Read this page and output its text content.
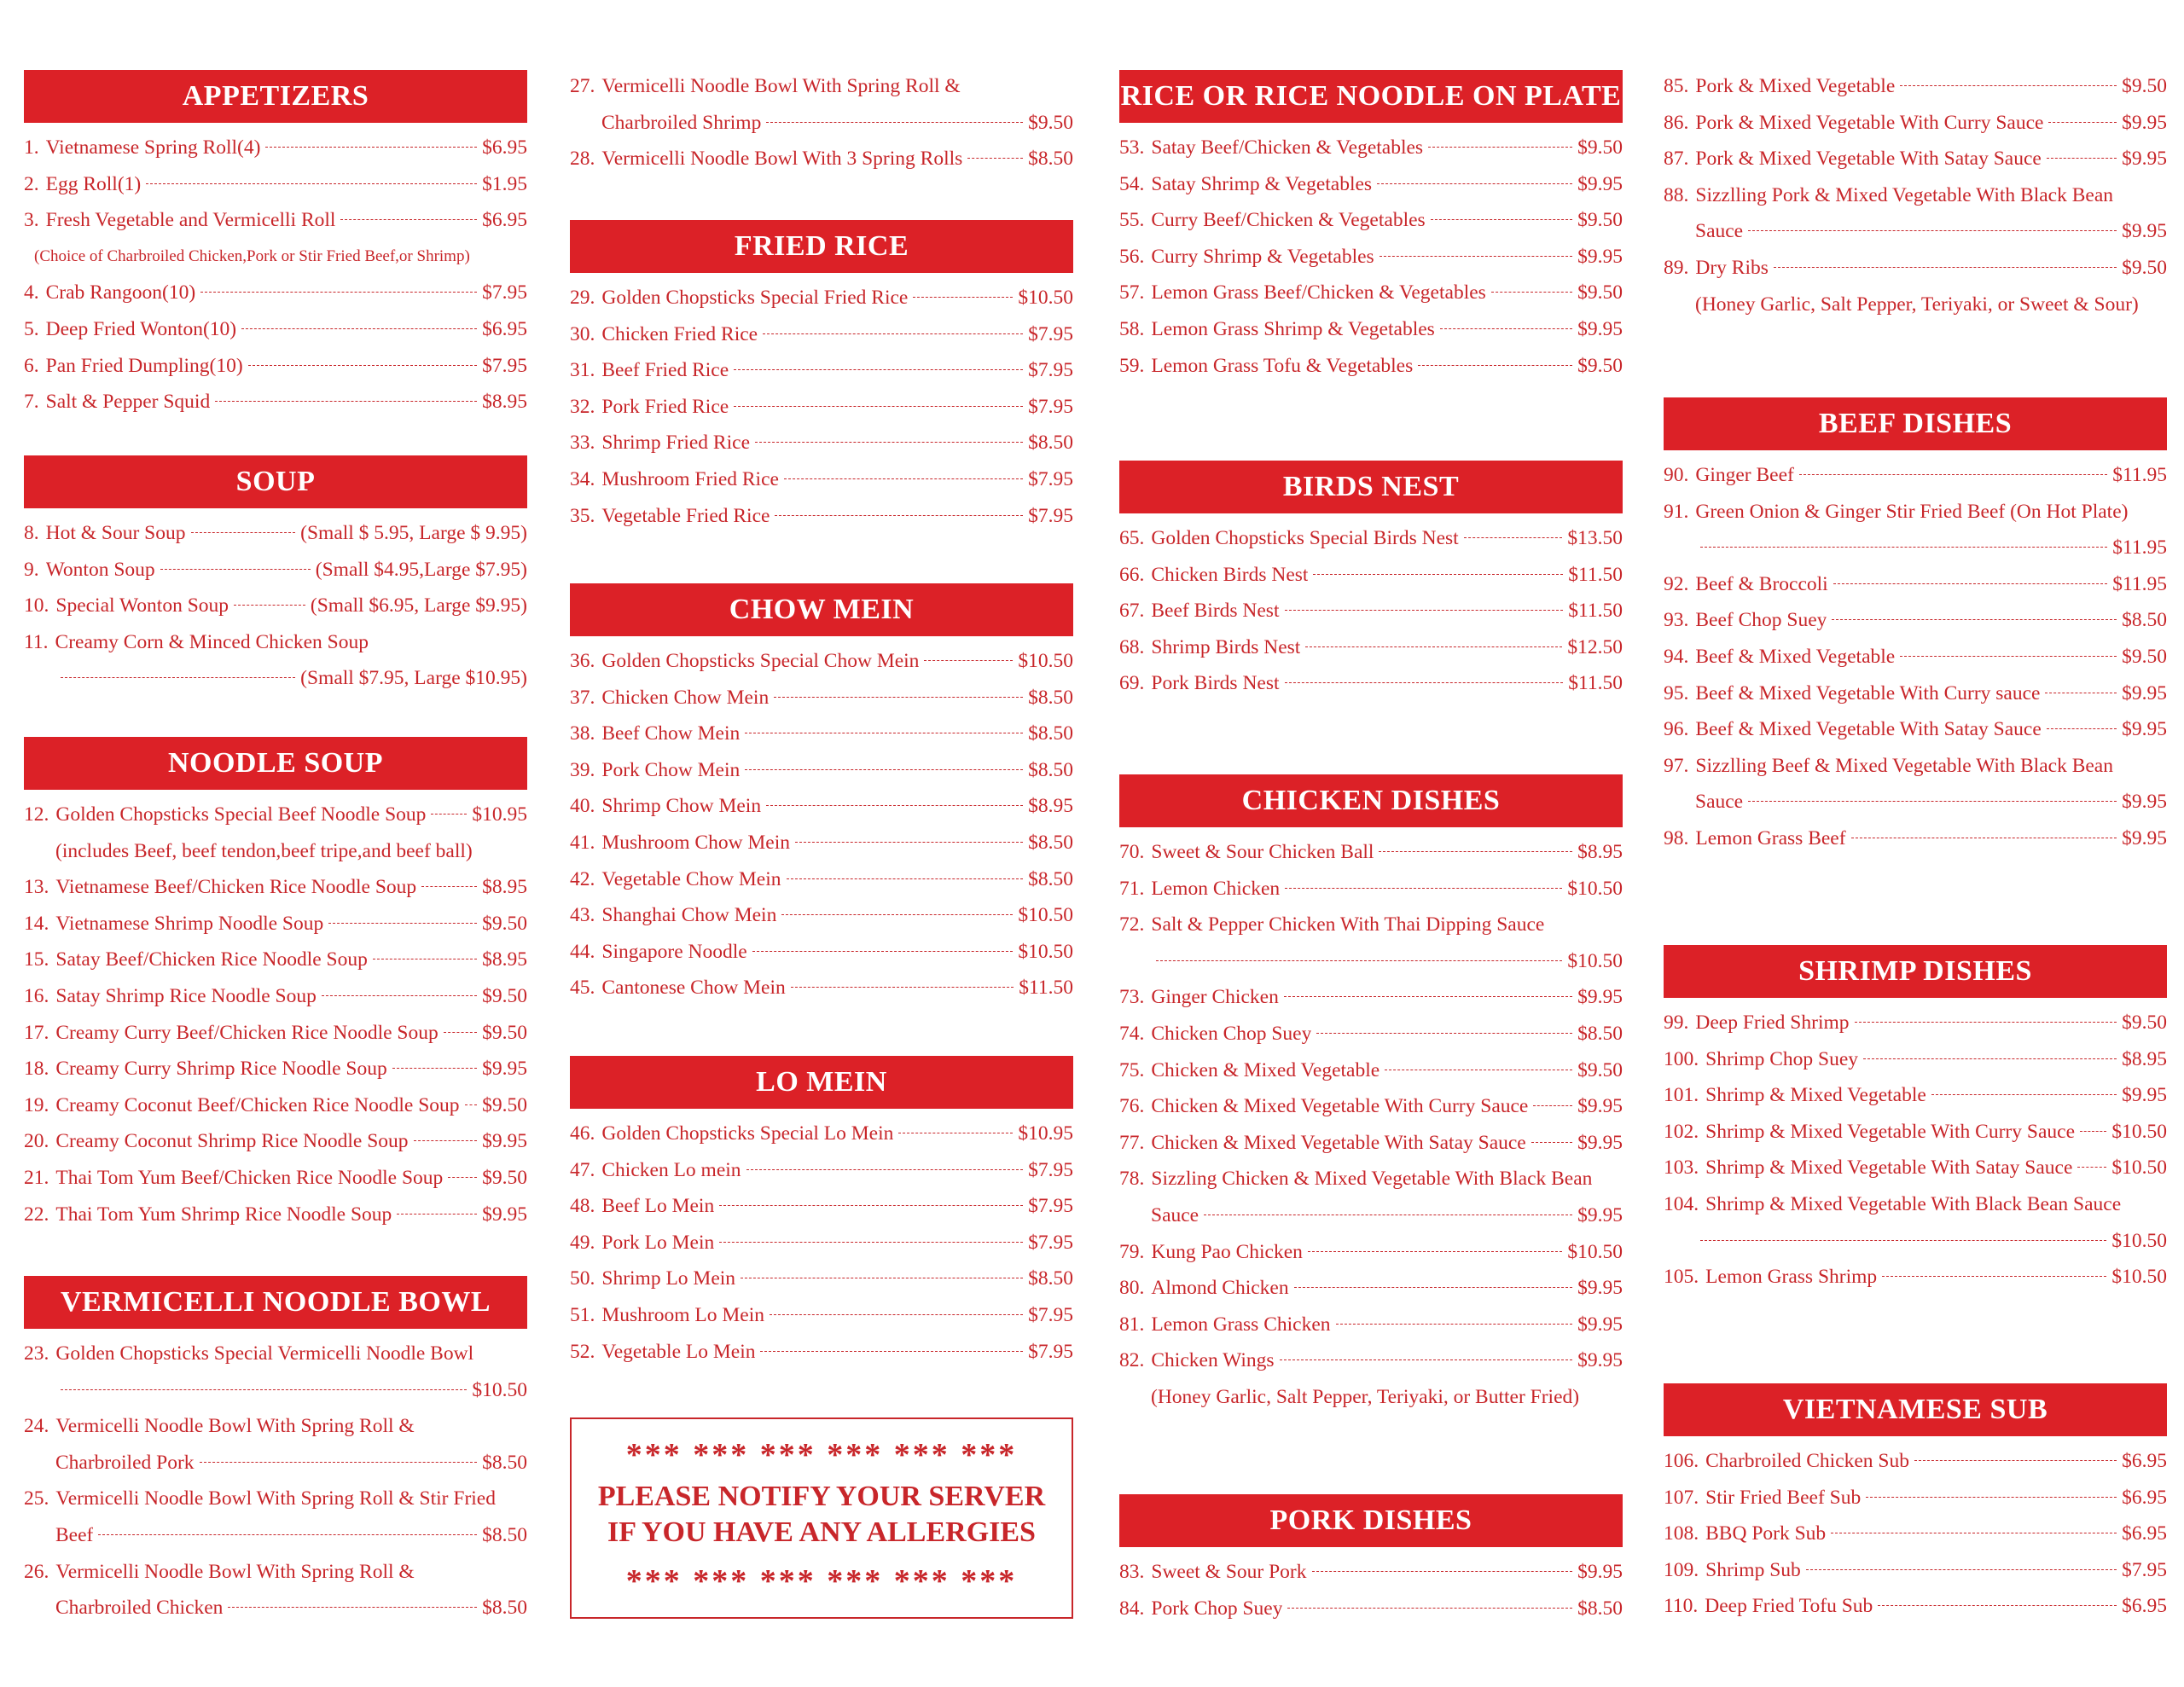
APPETIZERS
1. Vietnamese Spring Roll(4)	$6.95
2. Egg Roll(1)	$1.95
3. Fresh Vegetable and Vermicelli Roll	$6.95
(Choice of Charbroiled Chicken,Pork or Stir Fried Beef,or Shrimp)
4. Crab Rangoon(10)	$7.95
5. Deep Fried Wonton(10)	$6.95
6. Pan Fried Dumpling(10)	$7.95
7. Salt & Pepper Squid	$8.95
SOUP
8. Hot & Sour Soup	(Small $ 5.95, Large $ 9.95)
9. Wonton Soup	(Small $4.95,Large $7.95)
10. Special Wonton Soup	(Small $6.95, Large $9.95)
11. Creamy Corn & Minced Chicken Soup
(Small $7.95, Large $10.95)
NOODLE SOUP
12. Golden Chopsticks Special Beef Noodle Soup $10.95
(includes Beef, beef tendon,beef tripe,and beef ball)
13. Vietnamese Beef/Chicken Rice Noodle Soup	$8.95
14. Vietnamese Shrimp Noodle Soup	$9.50
15. Satay Beef/Chicken Rice Noodle Soup	$8.95
16. Satay Shrimp Rice Noodle Soup	$9.50
17. Creamy Curry Beef/Chicken Rice Noodle Soup $9.50
18. Creamy Curry Shrimp Rice Noodle Soup	$9.95
19. Creamy Coconut Beef/Chicken Rice Noodle Soup $9.50
20. Creamy Coconut Shrimp Rice Noodle Soup	$9.95
21. Thai Tom Yum Beef/Chicken Rice Noodle Soup $9.50
22. Thai Tom Yum Shrimp Rice Noodle Soup	$9.95
VERMICELLI NOODLE BOWL
23. Golden Chopsticks Special Vermicelli Noodle Bowl
$10.50
24. Vermicelli Noodle Bowl With Spring Roll &
Charbroiled Pork	$8.50
25. Vermicelli Noodle Bowl With Spring Roll & Stir Fried
Beef	$8.50
26. Vermicelli Noodle Bowl With Spring Roll &
Charbroiled Chicken	$8.50
27. Vermicelli Noodle Bowl With Spring Roll &
Charbroiled Shrimp	$9.50
28. Vermicelli Noodle Bowl With 3 Spring Rolls	$8.50
FRIED RICE
29. Golden Chopsticks Special Fried Rice	$10.50
30. Chicken Fried Rice	$7.95
31. Beef Fried Rice	$7.95
32. Pork Fried Rice	$7.95
33. Shrimp Fried Rice	$8.50
34. Mushroom Fried Rice	$7.95
35. Vegetable Fried Rice	$7.95
CHOW MEIN
36. Golden Chopsticks Special Chow Mein	$10.50
37. Chicken Chow Mein	$8.50
38. Beef Chow Mein	$8.50
39. Pork Chow Mein	$8.50
40. Shrimp Chow Mein	$8.95
41. Mushroom Chow Mein	$8.50
42. Vegetable Chow Mein	$8.50
43. Shanghai Chow Mein	$10.50
44. Singapore Noodle	$10.50
45. Cantonese Chow Mein	$11.50
LO MEIN
46. Golden Chopsticks Special Lo Mein	$10.95
47. Chicken Lo mein	$7.95
48. Beef Lo Mein	$7.95
49. Pork Lo Mein	$7.95
50. Shrimp Lo Mein	$8.50
51. Mushroom Lo Mein	$7.95
52. Vegetable Lo Mein	$7.95
RICE OR RICE NOODLE ON PLATE
53. Satay Beef/Chicken & Vegetables	$9.50
54. Satay Shrimp & Vegetables	$9.95
55. Curry Beef/Chicken & Vegetables	$9.50
56. Curry Shrimp & Vegetables	$9.95
57. Lemon Grass Beef/Chicken & Vegetables	$9.50
58. Lemon Grass Shrimp & Vegetables	$9.95
59. Lemon Grass Tofu & Vegetables	$9.50
BIRDS NEST
65. Golden Chopsticks Special Birds Nest	$13.50
66. Chicken Birds Nest	$11.50
67. Beef Birds Nest	$11.50
68. Shrimp Birds Nest	$12.50
69. Pork Birds Nest	$11.50
CHICKEN DISHES
70. Sweet & Sour Chicken Ball	$8.95
71. Lemon Chicken	$10.50
72. Salt & Pepper Chicken With Thai Dipping Sauce
$10.50
73. Ginger Chicken	$9.95
74. Chicken Chop Suey	$8.50
75. Chicken & Mixed Vegetable	$9.50
76. Chicken & Mixed Vegetable With Curry Sauce $9.95
77. Chicken & Mixed Vegetable With Satay Sauce	$9.95
78. Sizzling Chicken & Mixed Vegetable With Black Bean
Sauce	$9.95
79. Kung Pao Chicken	$10.50
80. Almond Chicken	$9.95
81. Lemon Grass Chicken	$9.95
82. Chicken Wings	$9.95
(Honey Garlic, Salt Pepper, Teriyaki, or Butter Fried)
PORK DISHES
83. Sweet & Sour Pork	$9.95
84. Pork Chop Suey	$8.50
85. Pork & Mixed Vegetable	$9.50
86. Pork & Mixed Vegetable With Curry Sauce	$9.95
87. Pork & Mixed Vegetable With Satay Sauce	$9.95
88. Sizzlling Pork & Mixed Vegetable With Black Bean
Sauce	$9.95
89. Dry Ribs	$9.50
(Honey Garlic, Salt Pepper, Teriyaki, or Sweet & Sour)
BEEF DISHES
90. Ginger Beef	$11.95
91. Green Onion & Ginger Stir Fried Beef (On Hot Plate)
$11.95
92. Beef & Broccoli	$11.95
93. Beef Chop Suey	$8.50
94. Beef & Mixed Vegetable	$9.50
95. Beef & Mixed Vegetable With Curry sauce	$9.95
96. Beef & Mixed Vegetable With Satay Sauce	$9.95
97. Sizzlling Beef & Mixed Vegetable With Black Bean
Sauce	$9.95
98. Lemon Grass Beef	$9.95
SHRIMP DISHES
99. Deep Fried Shrimp	$9.50
100. Shrimp Chop Suey	$8.95
101. Shrimp & Mixed Vegetable	$9.95
102. Shrimp & Mixed Vegetable With Curry Sauce $10.50
103. Shrimp & Mixed Vegetable With Satay Sauce $10.50
104. Shrimp & Mixed Vegetable With Black Bean Sauce
$10.50
105. Lemon Grass Shrimp	$10.50
VIETNAMESE SUB
106. Charbroiled Chicken Sub	$6.95
107. Stir Fried Beef Sub	$6.95
108. BBQ Pork Sub	$6.95
109. Shrimp Sub	$7.95
110. Deep Fried Tofu Sub	$6.95
*** *** *** *** *** ***
PLEASE NOTIFY YOUR SERVER
IF YOU HAVE ANY ALLERGIES
*** *** *** *** *** ***
